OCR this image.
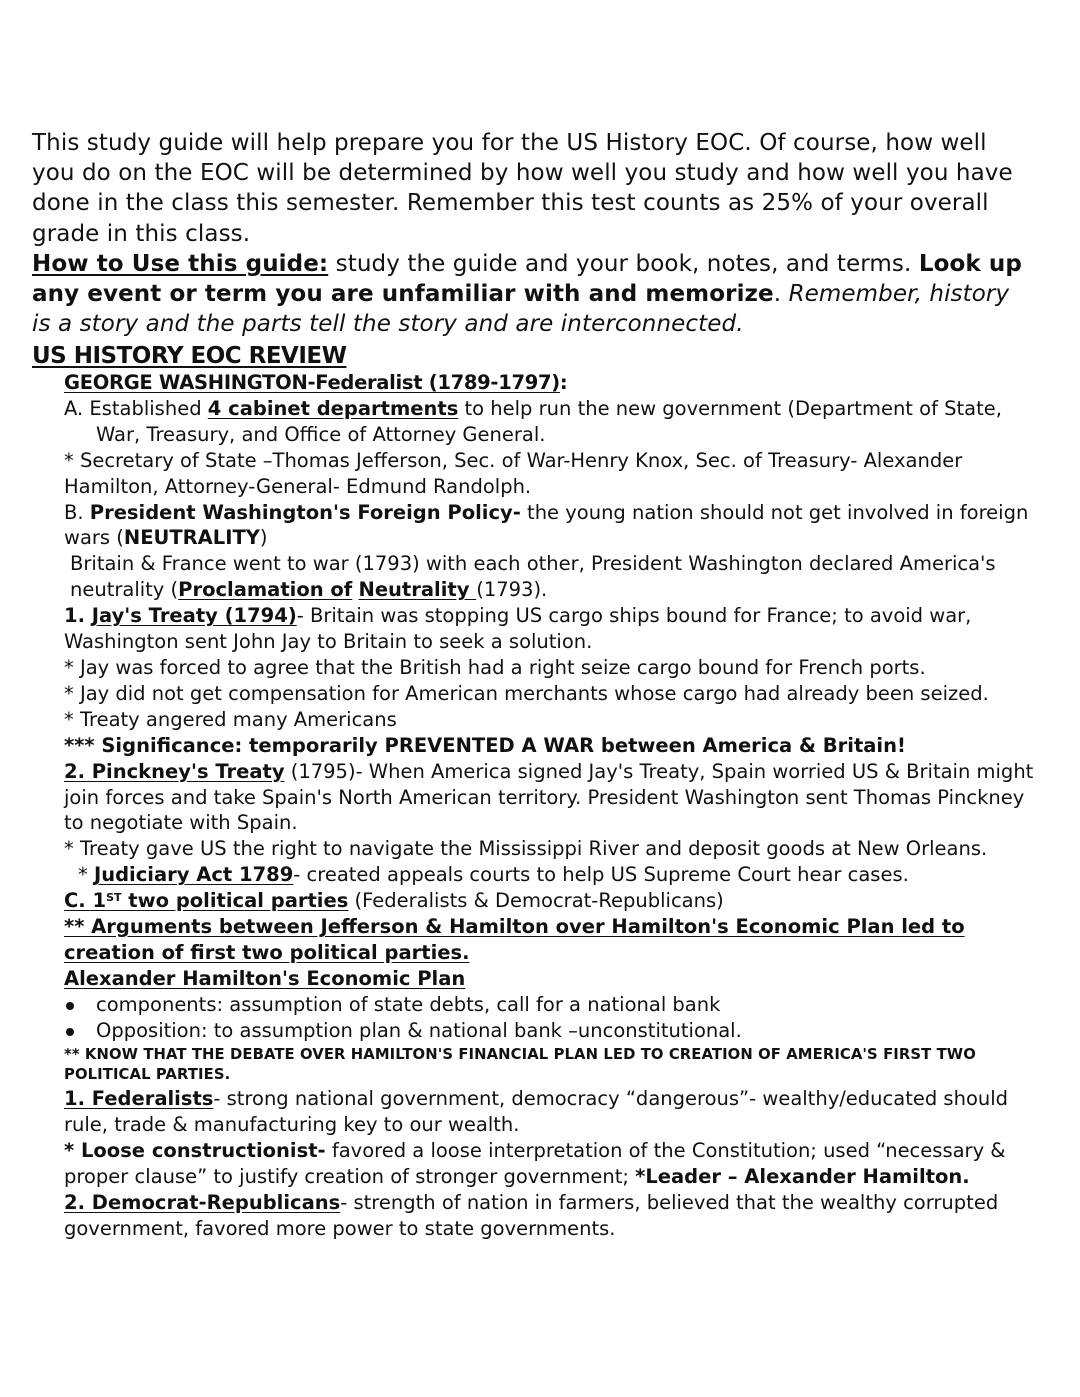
This study guide will help prepare you for the US History EOC. Of course, how well you do on the EOC will be determined by how well you study and how well you have done in the class this semester. Remember this test counts as 25% of your overall grade in this class.

How to Use this guide: study the guide and your book, notes, and terms. Look up any event or term you are unfamiliar with and memorize. Remember, history is a story and the parts tell the story and are interconnected.

US HISTORY EOC REVIEW

GEORGE WASHINGTON-Federalist (1789-1797):

A. Established 4 cabinet departments to help run the new government (Department of State, War, Treasury, and Office of Attorney General.

* Secretary of State –Thomas Jefferson, Sec. of War-Henry Knox, Sec. of Treasury- Alexander Hamilton, Attorney-General- Edmund Randolph.

B. President Washington's Foreign Policy- the young nation should not get involved in foreign wars (NEUTRALITY)

Britain & France went to war (1793) with each other, President Washington declared America's neutrality (Proclamation of Neutrality (1793).

1. Jay's Treaty (1794)- Britain was stopping US cargo ships bound for France; to avoid war, Washington sent John Jay to Britain to seek a solution.

* Jay was forced to agree that the British had a right seize cargo bound for French ports.

* Jay did not get compensation for American merchants whose cargo had already been seized.

* Treaty angered many Americans

*** Significance: temporarily PREVENTED A WAR between America & Britain!

2. Pinckney's Treaty (1795)- When America signed Jay's Treaty, Spain worried US & Britain might join forces and take Spain's North American territory. President Washington sent Thomas Pinckney to negotiate with Spain.

* Treaty gave US the right to navigate the Mississippi River and deposit goods at New Orleans.

* Judiciary Act 1789- created appeals courts to help US Supreme Court hear cases.

C. 1ST two political parties (Federalists & Democrat-Republicans)

** Arguments between Jefferson & Hamilton over Hamilton's Economic Plan led to creation of first two political parties.

Alexander Hamilton's Economic Plan

components: assumption of state debts, call for a national bank

Opposition: to assumption plan & national bank –unconstitutional.

** KNOW THAT THE DEBATE OVER HAMILTON'S FINANCIAL PLAN LED TO CREATION OF AMERICA'S FIRST TWO POLITICAL PARTIES.

1. Federalists- strong national government, democracy “dangerous”- wealthy/educated should rule, trade & manufacturing key to our wealth.

* Loose constructionist- favored a loose interpretation of the Constitution; used “necessary & proper clause” to justify creation of stronger government; *Leader – Alexander Hamilton.

2. Democrat-Republicans- strength of nation in farmers, believed that the wealthy corrupted government, favored more power to state governments.
